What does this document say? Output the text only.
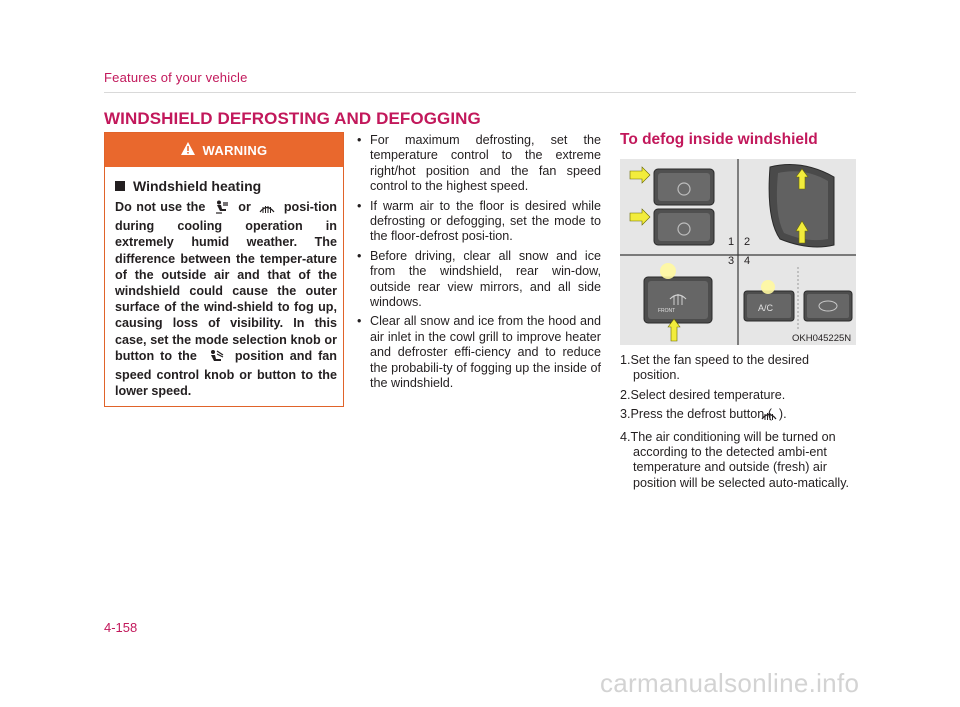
Features of your vehicle
WINDSHIELD DEFROSTING AND DEFOGGING
WARNING
Windshield heating
Do not use the	or	posi-tion during cooling operation in extremely humid weather. The difference between the temper-ature of the outside air and that of the windshield could cause the outer surface of the wind-shield to fog up, causing loss of visibility. In this case, set the mode selection knob or button to the	position and fan speed control knob or button to the lower speed.
• For maximum defrosting, set the temperature control to the extreme right/hot position and the fan speed control to the highest speed.
• If warm air to the floor is desired while defrosting or defogging, set the mode to the floor-defrost posi-tion.
• Before driving, clear all snow and ice from the windshield, rear win-dow, outside rear view mirrors, and all side windows.
• Clear all snow and ice from the hood and air inlet in the cowl grill to improve heater and defroster effi-ciency and to reduce the probabili-ty of fogging up the inside of the windshield.
To defog inside windshield
1 2
3 4
FRONT	A/C
OKH045225N
1.Set the fan speed to the desired position.
2.Select desired temperature.
3.Press the defrost button ( ).
4.The air conditioning will be turned on according to the detected ambi-ent temperature and outside (fresh) air position will be selected auto-matically.
4-158
carmanualsonline.info
